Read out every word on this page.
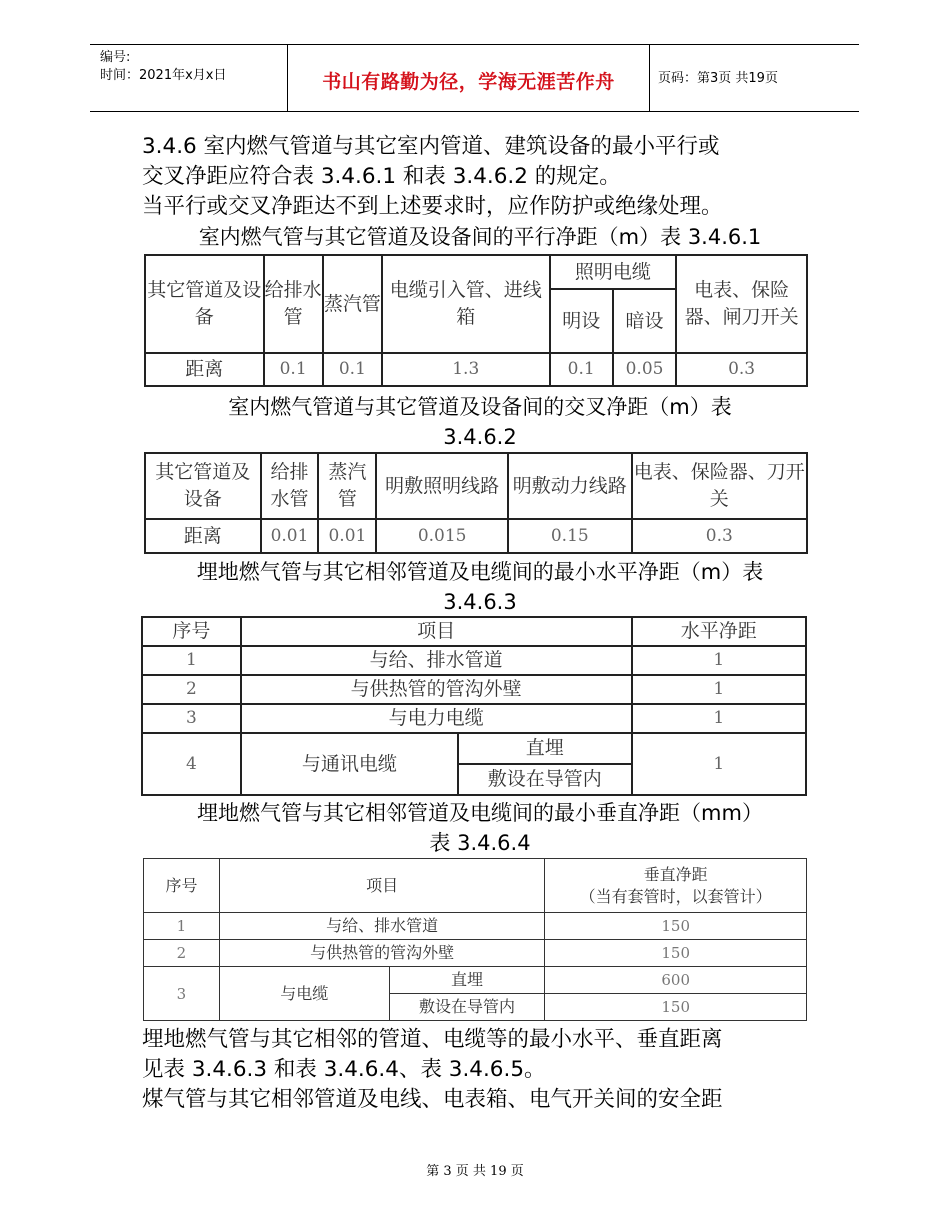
编号:
时间：2021年x月x日	书山有路勤为径，学海无涯苦作舟	页码：第3页 共19页
3.4.6 室内燃气管道与其它室内管道、建筑设备的最小平行或
交叉净距应符合表 3.4.6.1 和表 3.4.6.2 的规定。
当平行或交叉净距达不到上述要求时，应作防护或绝缘处理。
室内燃气管与其它管道及设备间的平行净距（m）表 3.4.6.1
其它管道及设备	给排水管	蒸汽管	电缆引入管、进线箱	照明电缆		电表、保险器、闸刀开关
				明设	暗设	
距离	0.1	0.1	1.3	0.1	0.05	0.3
室内燃气管道与其它管道及设备间的交叉净距（m）表
3.4.6.2
其它管道及设备	给排水管	蒸汽管	明敷照明线路	明敷动力线路	电表、保险器、刀开关
距离	0.01	0.01	0.015	0.15	0.3
埋地燃气管与其它相邻管道及电缆间的最小水平净距（m）表
3.4.6.3
序号	项目		水平净距
1	与给、排水管道		1
2	与供热管的管沟外壁		1
3	与电力电缆		1
4	与通讯电缆	直埋	1
		敷设在导管内	
埋地燃气管与其它相邻管道及电缆间的最小垂直净距（mm）
表 3.4.6.4
序号	项目		垂直净距
（当有套管时，以套管计）

1	与给、排水管道		150
2	与供热管的管沟外壁		150
3	与电缆	直埋	600
		敷设在导管内	150
埋地燃气管与其它相邻的管道、电缆等的最小水平、垂直距离
见表 3.4.6.3 和表 3.4.6.4、表 3.4.6.5。
煤气管与其它相邻管道及电线、电表箱、电气开关间的安全距
第 3 页 共 19 页
